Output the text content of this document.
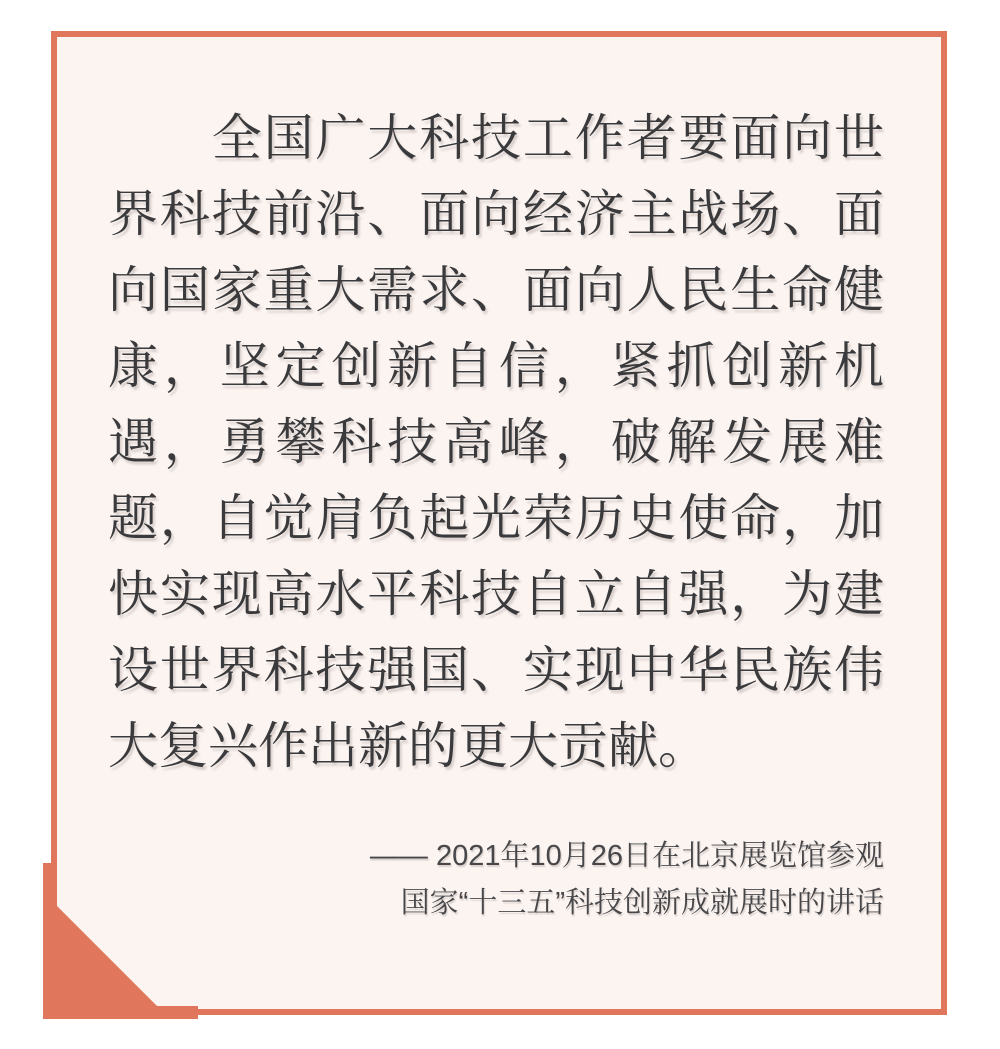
　　全国广大科技工作者要面向世
界科技前沿、面向经济主战场、面
向国家重大需求、面向人民生命健
康，坚定创新自信，紧抓创新机
遇，勇攀科技高峰，破解发展难
题，自觉肩负起光荣历史使命，加
快实现高水平科技自立自强，为建
设世界科技强国、实现中华民族伟
大复兴作出新的更大贡献。
—— 2021年10月26日在北京展览馆参观
国家“十三五”科技创新成就展时的讲话
